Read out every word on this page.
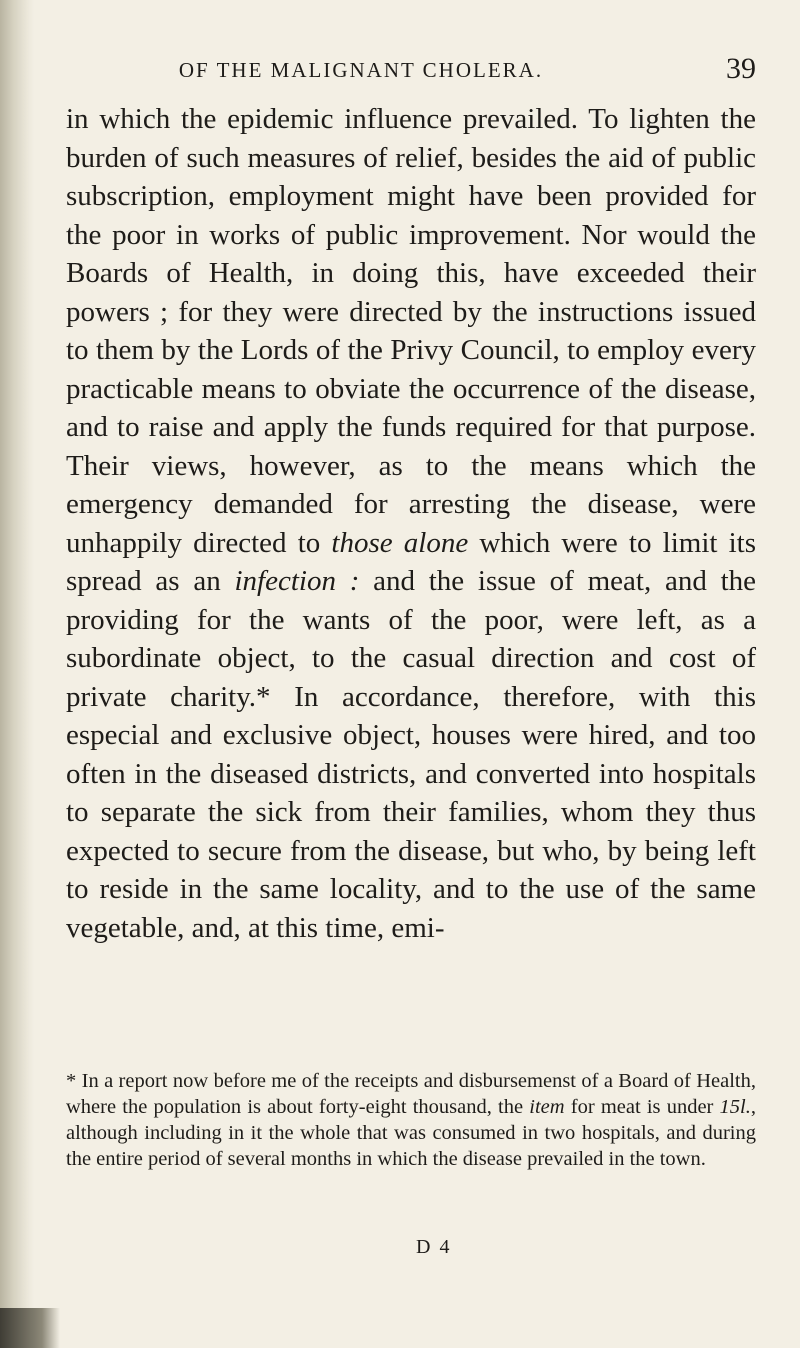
OF THE MALIGNANT CHOLERA.	39

in which the epidemic influence prevailed. To lighten the burden of such measures of relief, besides the aid of public subscription, employment might have been provided for the poor in works of public improvement. Nor would the Boards of Health, in doing this, have exceeded their powers ; for they were directed by the instructions issued to them by the Lords of the Privy Council, to employ every practicable means to obviate the occurrence of the disease, and to raise and apply the funds required for that purpose. Their views, however, as to the means which the emergency demanded for arresting the disease, were unhappily directed to those alone which were to limit its spread as an infection : and the issue of meat, and the providing for the wants of the poor, were left, as a subordinate object, to the casual direction and cost of private charity.* In accordance, therefore, with this especial and exclusive object, houses were hired, and too often in the diseased districts, and converted into hospitals to separate the sick from their families, whom they thus expected to secure from the disease, but who, by being left to reside in the same locality, and to the use of the same vegetable, and, at this time, emi-

* In a report now before me of the receipts and disbursemenst of a Board of Health, where the population is about forty-eight thousand, the item for meat is under 15l., although including in it the whole that was consumed in two hospitals, and during the entire period of several months in which the disease prevailed in the town.

D 4
